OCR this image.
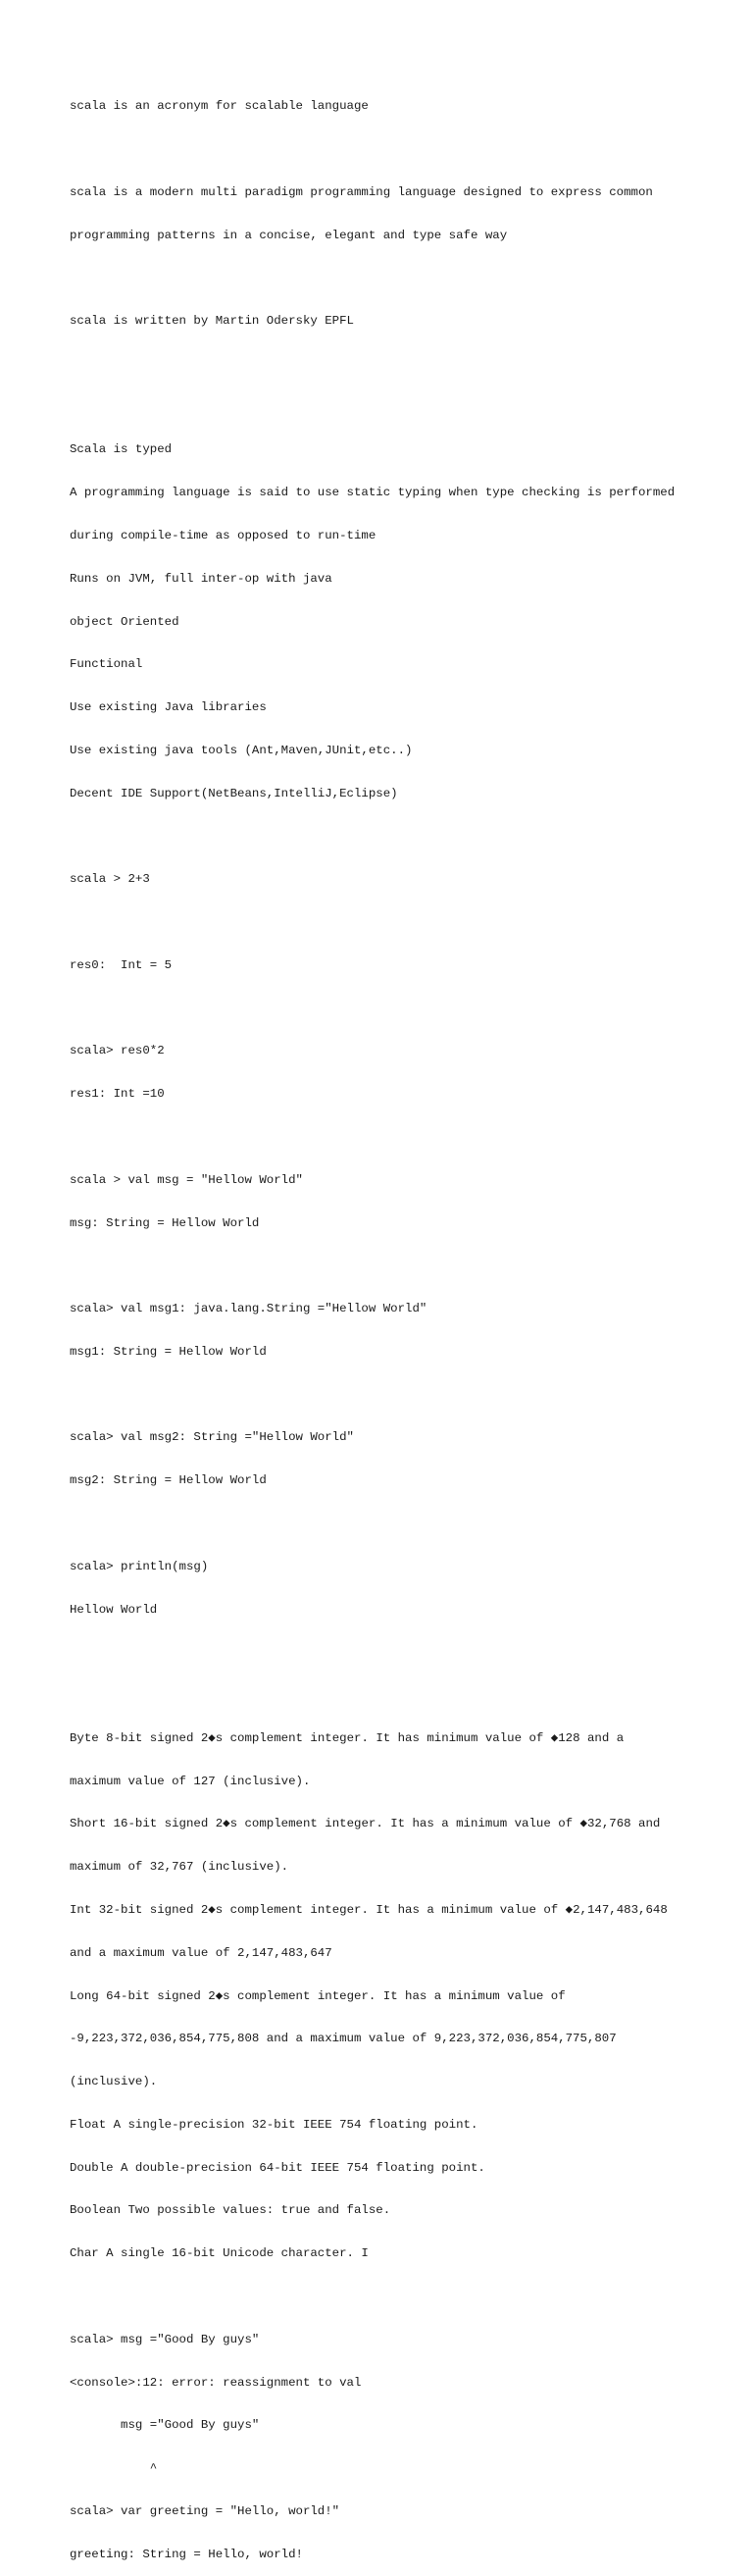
scala is an acronym for scalable language

scala is a modern multi paradigm programming language designed to express common

programming patterns in a concise, elegant and type safe way

scala is written by Martin Odersky EPFL

Scala is typed

A programming language is said to use static typing when type checking is performed

during compile-time as opposed to run-time

Runs on JVM, full inter-op with java

object Oriented

Functional

Use existing Java libraries

Use existing java tools (Ant,Maven,JUnit,etc..)

Decent IDE Support(NetBeans,IntelliJ,Eclipse)

scala > 2+3

res0:  Int = 5

scala> res0*2

res1: Int =10

scala > val msg = "Hellow World"

msg: String = Hellow World

scala> val msg1: java.lang.String ="Hellow World"

msg1: String = Hellow World

scala> val msg2: String ="Hellow World"

msg2: String = Hellow World

scala> println(msg)

Hellow World

Byte 8-bit signed 2◆s complement integer. It has minimum value of ◆128 and a

maximum value of 127 (inclusive).

Short 16-bit signed 2◆s complement integer. It has a minimum value of ◆32,768 and

maximum of 32,767 (inclusive).

Int 32-bit signed 2◆s complement integer. It has a minimum value of ◆2,147,483,648

and a maximum value of 2,147,483,647

Long 64-bit signed 2◆s complement integer. It has a minimum value of

-9,223,372,036,854,775,808 and a maximum value of 9,223,372,036,854,775,807

(inclusive).

Float A single-precision 32-bit IEEE 754 floating point.

Double A double-precision 64-bit IEEE 754 floating point.

Boolean Two possible values: true and false.

Char A single 16-bit Unicode character. I

scala> msg ="Good By guys"

<console>:12: error: reassignment to val

msg ="Good By guys"

^

scala> var greeting = "Hello, world!"

greeting: String = Hello, world!
